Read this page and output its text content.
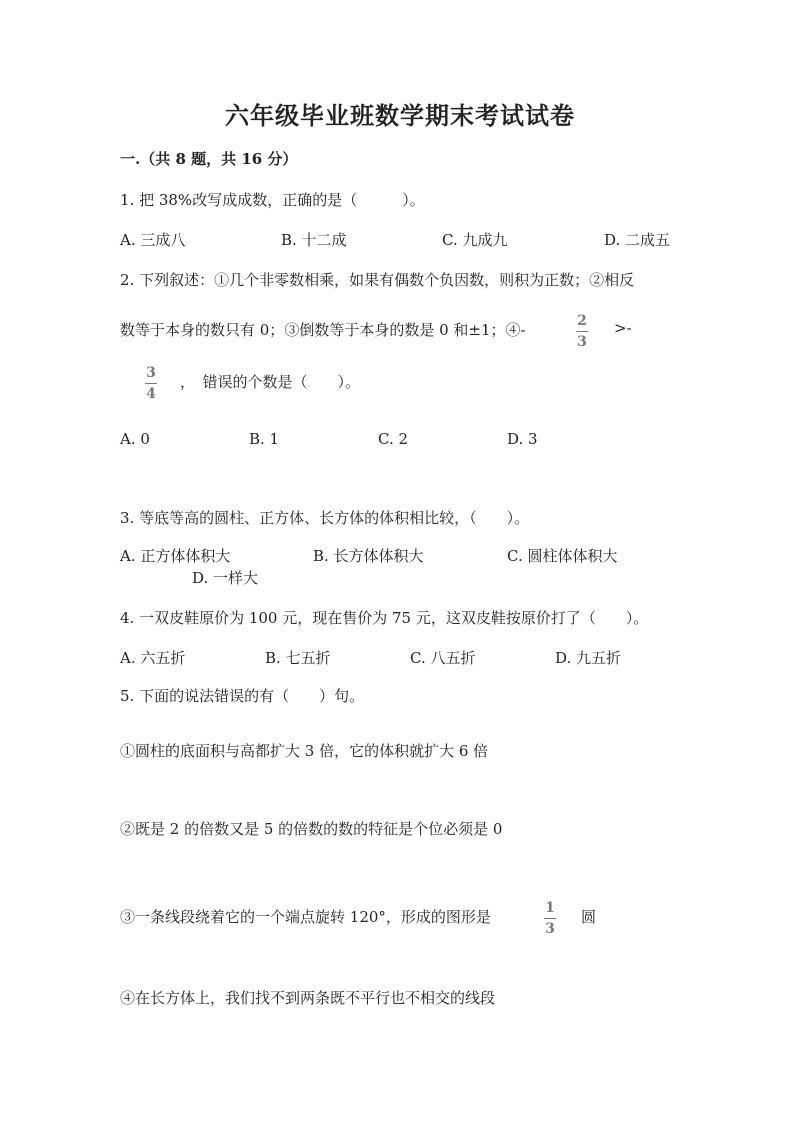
六年级毕业班数学期末考试试卷
一.（共 8 题，共 16 分）
1. 把 38%改写成成数，正确的是（　　　）。
A. 三成八	B. 十二成	C. 九成九	D. 二成五
2. 下列叙述：①几个非零数相乘，如果有偶数个负因数，则积为正数；②相反
数等于本身的数只有 0；③倒数等于本身的数是 0 和±1；④-	2
3
>-
3
4
，　错误的个数是（　　）。
A. 0	B. 1	C. 2	D. 3
3. 等底等高的圆柱、正方体、长方体的体积相比较，（　　）。
A. 正方体体积大	B. 长方体体积大	C. 圆柱体体积大
D. 一样大
4. 一双皮鞋原价为 100 元，现在售价为 75 元，这双皮鞋按原价打了（　　）。
A. 六五折	B. 七五折	C. 八五折	D. 九五折
5. 下面的说法错误的有（　　）句。
①圆柱的底面积与高都扩大 3 倍，它的体积就扩大 6 倍
②既是 2 的倍数又是 5 的倍数的数的特征是个位必须是 0
③一条线段绕着它的一个端点旋转 120°，形成的图形是	1
3
圆
④在长方体上，我们找不到两条既不平行也不相交的线段
